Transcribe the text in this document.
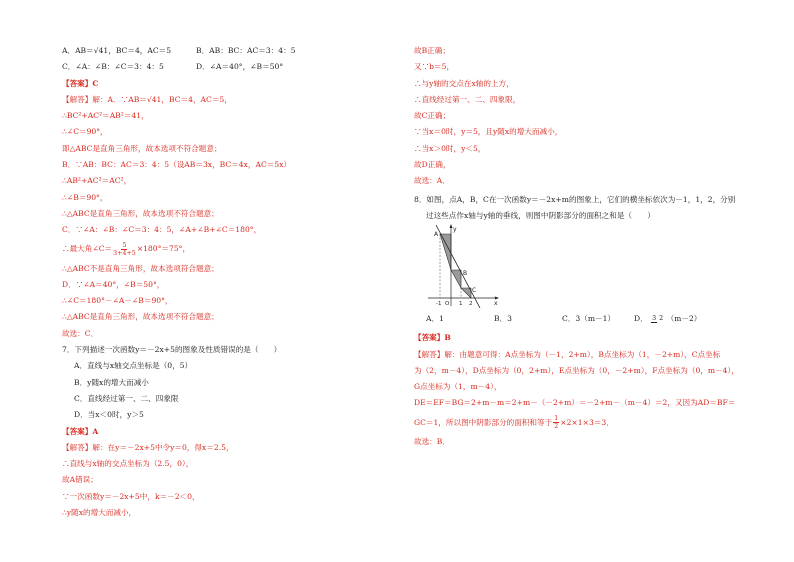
A．AB＝√41，BC＝4，AC＝5	B．AB：BC：AC＝3：4：5
C．∠A：∠B：∠C＝3：4：5	D．∠A＝40°，∠B＝50°
【答案】C
【解答】解：A．∵AB＝√41，BC＝4，AC＝5，
∴BC²+AC²＝AB²＝41，
∴∠C＝90°，
即△ABC是直角三角形，故本选项不符合题意；
B．∵AB：BC：AC＝3：4：5（设AB＝3x，BC＝4x，AC＝5x）
∴AB²+AC²＝AC²，
∴∠B＝90°，
∴△ABC是直角三角形，故本选项不符合题意；
C．∵∠A：∠B：∠C＝3：4：5，∠A+∠B+∠C＝180°，
∴最大角∠C＝ $\frac{5}{3+4+5} \times 180^\circ=75^\circ$，
∴△ABC不是直角三角形，故本选项符合题意；
D．∵∠A＝40°，∠B＝50°，
∴∠C＝180°－∠A－∠B＝90°，
∴△ABC是直角三角形，故本选项不符合题意；
故选：C．
7．下列描述一次函数y＝－2x+5的图象及性质错误的是（　　）
A．直线与x轴交点坐标是（0，5）
B．y随x的增大而减小
C．直线经过第一、二、四象限
D．当x＜0时，y＞5
【答案】A
【解答】解：在y＝－2x+5中令y＝0，得x＝2.5，
∴直线与x轴的交点坐标为（2.5，0），
故A错误；
∵一次函数y＝－2x+5中，k＝－2＜0，
∴y随x的增大而减小，
故B正确；
又∵b＝5，
∴与y轴的交点在x轴的上方，
∴直线经过第一、二、四象限，
故C正确；
∵当x＝0时，y＝5，且y随x的增大而减小，
∴当x＞0时，y＜5，
故D正确，
故选：A．
8．如图，点A，B，C在一次函数y＝－2x+m的图象上，它们的横坐标依次为－1，1，2，分别
过这些点作x轴与y轴的垂线，则图中阴影部分的面积之和是（　　）
y
x
A
B
C
-1 O 1 2
A．1	B．3	C．3（m－1）	D． 3 2 （m－2）
【答案】B
【解答】解：由题意可得：A点坐标为（－1，2+m），B点坐标为（1，－2+m），C点坐标
为（2，m－4），D点坐标为（0，2+m），E点坐标为（0，－2+m），F点坐标为（0，m－4），
G点坐标为（1，m－4），
DE＝EF＝BG＝2+m－m＝2+m－（－2+m）＝－2+m－（m－4）＝2，又因为AD＝BF＝
GC＝1，所以图中阴影部分的面积和等于 $\frac{1}{2} \times 2\times 1\times 3=3$．
故选：B．
